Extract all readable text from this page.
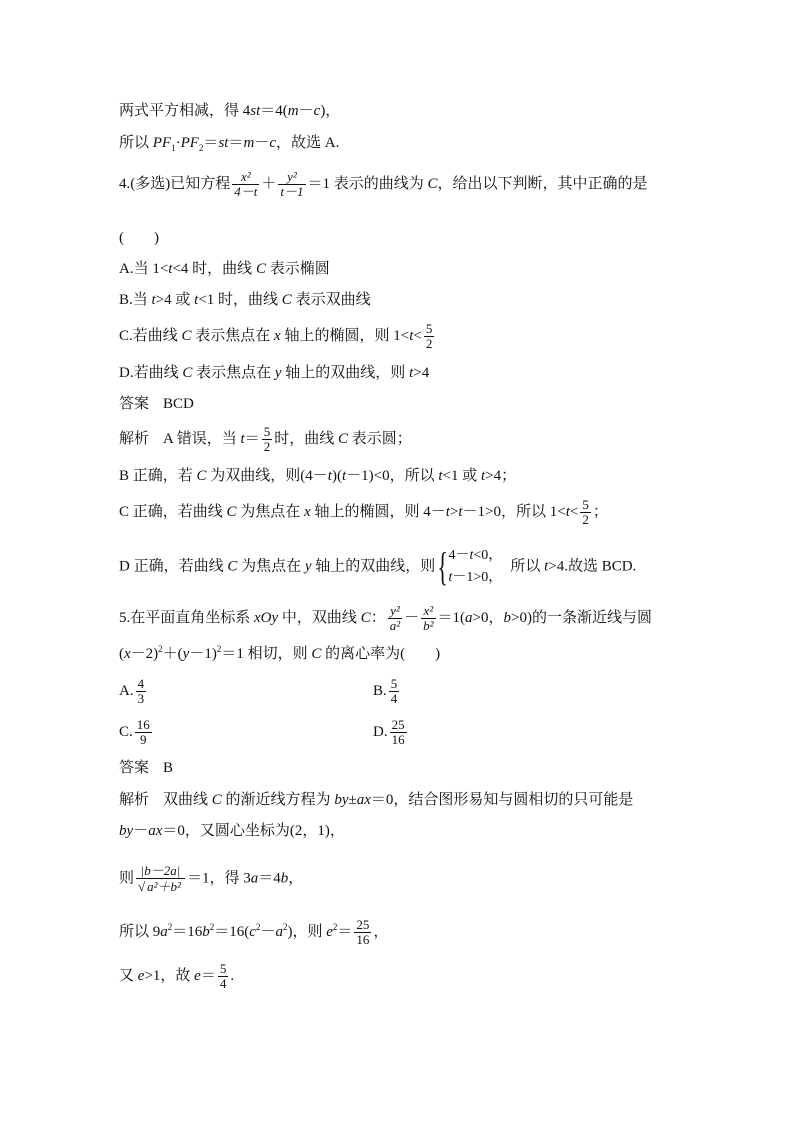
两式平方相减，得 4st＝4(m－c)，
所以 $PF_1\cdot PF_2=st=m-c$，故选 A.
4.(多选)已知方程 $\frac{\text{x²}}{4-t} + \frac{\text{y²}}{t-1} =1$ 表示的曲线为 C，给出以下判断，其中正确的是
(　　)
A.当 1<t<4 时，曲线 C 表示椭圆
B.当 t>4 或 t<1 时，曲线 C 表示双曲线
C.若曲线 C 表示焦点在 x 轴上的椭圆，则 $1<t< \frac{5}{2}$
D.若曲线 C 表示焦点在 y 轴上的双曲线，则 t>4
答案 BCD
解析 A 错误，当 $t= \frac{5}{2}$ 时，曲线 C 表示圆；
B 正确，若 C 为双曲线，则(4－t)(t－1)<0，所以 t<1 或 t>4；
C 正确，若曲线 C 为焦点在 x 轴上的椭圆，则 4－t>t－1>0，所以 $1<t< \frac{5}{2}$ ；
D 正确，若曲线 C 为焦点在 y 轴上的双曲线，则{ 4－t<0，
t－1>0，
所以 t>4.故选 BCD.
5.在平面直角坐标系 xOy 中，双曲线 C： $\frac{\text{y²}}{\text{a²}} - \frac{\text{x²}}{\text{b²}} =1(a>0$，b>0)的一条渐近线与圆
$(x-2)^2+(y-1)^2=1$ 相切，则 C 的离心率为(　　)
A. $\frac{4}{3}$	B. $\frac{5}{4}$
C. $\frac{16}{9}$	D. $\frac{25}{16}$
答案 B
解析 双曲线 C 的渐近线方程为 by±ax＝0，结合图形易知与圆相切的只可能是
by－ax＝0，又圆心坐标为(2，1)，
则 $\frac{|b-2a|}{\text{√ a²＋b²}} =1$，得 3a＝4b，
所以 $9a^2=16b^2=16(c^2-a^2)$，则 $e^2= \frac{25}{16}$ ，
又 e>1，故 $e= \frac{5}{4}$ .
